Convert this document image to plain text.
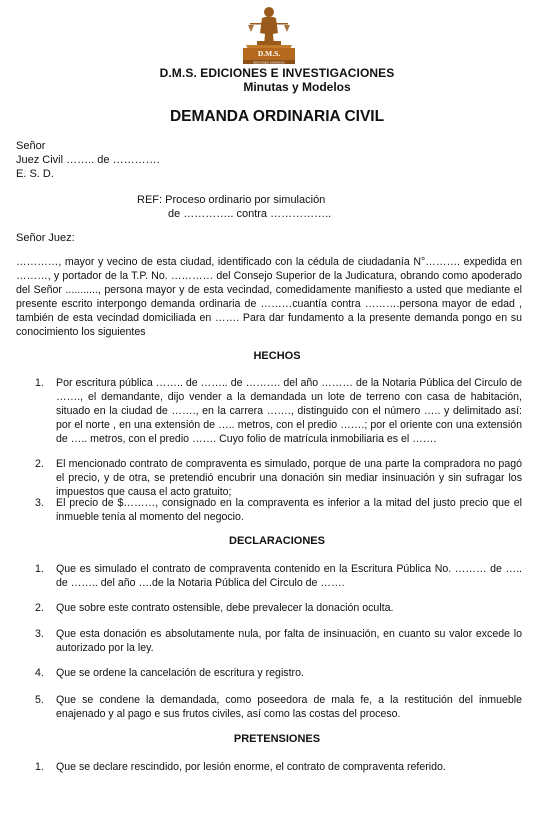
D.M.S.
EDICIONES JURIDICAS
D.M.S. EDICIONES E INVESTIGACIONES
Minutas y Modelos
DEMANDA ORDINARIA CIVIL
Señor
Juez Civil …….. de ………….
E. S. D.
REF: Proceso ordinario por simulación
de ………….. contra ……………..
Señor Juez:
…………, mayor y vecino de esta ciudad, identificado con la cédula de ciudadanía N°………. expedida en ………, y portador de la T.P. No. ………… del Consejo Superior de la Judicatura, obrando como apoderado del Señor ..........., persona mayor y de esta vecindad, comedidamente manifiesto a usted que mediante el presente escrito interpongo demanda ordinaria de ………cuantía contra ……….persona mayor de edad , también de esta vecindad domiciliada en ……. Para dar fundamento a la presente demanda pongo en su conocimiento los siguientes
HECHOS
1. Por escritura pública …….. de …….. de ………. del año ……… de la Notaria Pública del Circulo de ……., el demandante, dijo vender a la demandada un lote de terreno con casa de habitación, situado en la ciudad de ……., en la carrera ……., distinguido con el número ….. y delimitado así: por el norte , en una extensión de ….. metros, con el predio …….; por el oriente con una extensión de ….. metros, con el predio ……. Cuyo folio de matrícula inmobiliaria es el …….
2. El mencionado contrato de compraventa es simulado, porque de una parte la compradora no pagó el precio, y de otra, se pretendió encubrir una donación sin mediar insinuación y sin sufragar los impuestos que causa el acto gratuito;
3. El precio de $………, consignado en la compraventa es inferior a la mitad del justo precio que el inmueble tenía al momento del negocio.
DECLARACIONES
1. Que es simulado el contrato de compraventa contenido en la Escritura Pública No. ……… de ….. de …….. del año ….de la Notaria Pública del Circulo de …….
2. Que sobre este contrato ostensible, debe prevalecer la donación oculta.
3. Que esta donación es absolutamente nula, por falta de insinuación, en cuanto su valor excede lo autorizado por la ley.
4. Que se ordene la cancelación de escritura y registro.
5. Que se condene la demandada, como poseedora de mala fe, a la restitución del inmueble enajenado y al pago e sus frutos civiles, así como las costas del proceso.
PRETENSIONES
1. Que se declare rescindido, por lesión enorme, el contrato de compraventa referido.
